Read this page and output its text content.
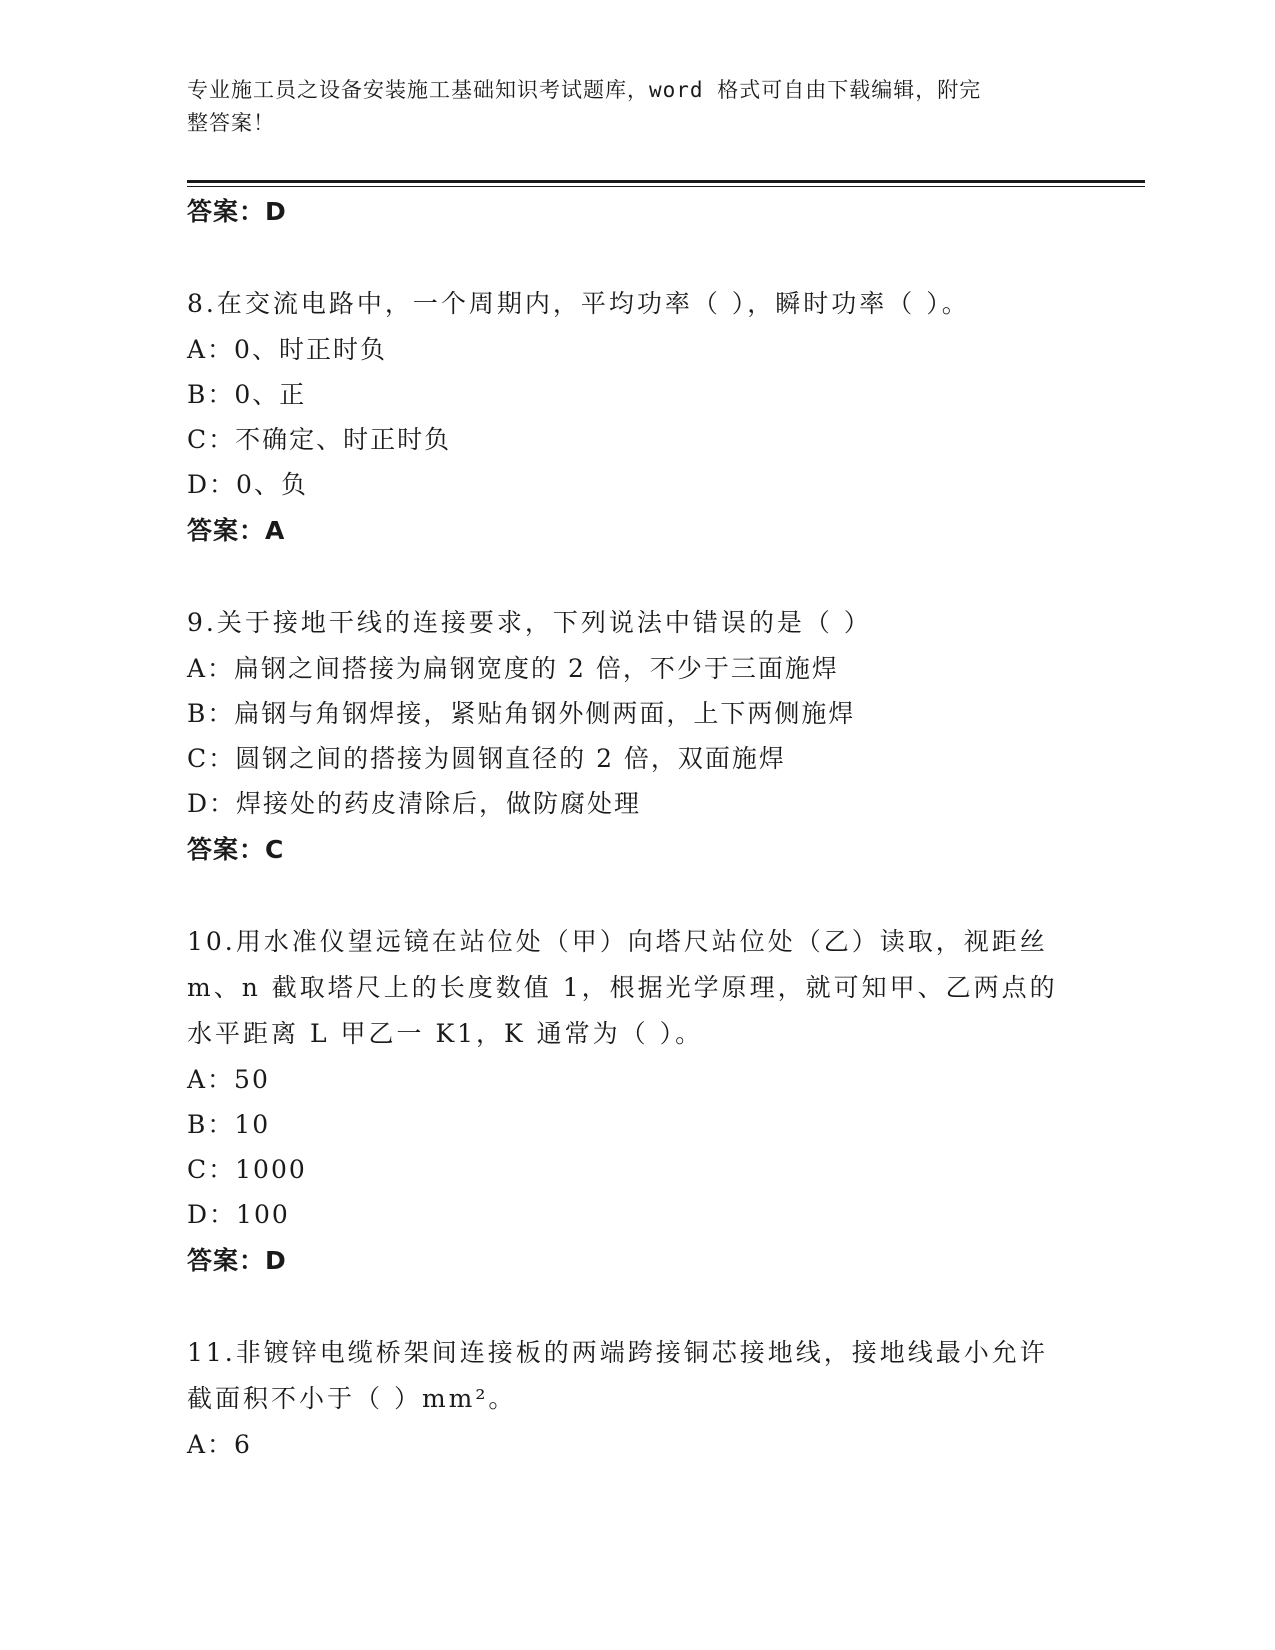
专业施工员之设备安装施工基础知识考试题库，word 格式可自由下载编辑，附完
整答案！
答案：D
8.在交流电路中，一个周期内，平均功率（ ），瞬时功率（ ）。
A：0、时正时负
B：0、正
C：不确定、时正时负
D：0、负
答案：A
9.关于接地干线的连接要求，下列说法中错误的是（ ）
A：扁钢之间搭接为扁钢宽度的 2 倍，不少于三面施焊
B：扁钢与角钢焊接，紧贴角钢外侧两面，上下两侧施焊
C：圆钢之间的搭接为圆钢直径的 2 倍，双面施焊
D：焊接处的药皮清除后，做防腐处理
答案：C
10.用水准仪望远镜在站位处（甲）向塔尺站位处（乙）读取，视距丝
m、n 截取塔尺上的长度数值 1，根据光学原理，就可知甲、乙两点的
水平距离 L 甲乙一 K1，K 通常为（ ）。
A：50
B：10
C：1000
D：100
答案：D
11.非镀锌电缆桥架间连接板的两端跨接铜芯接地线，接地线最小允许
截面积不小于（ ）mm²。
A：6
